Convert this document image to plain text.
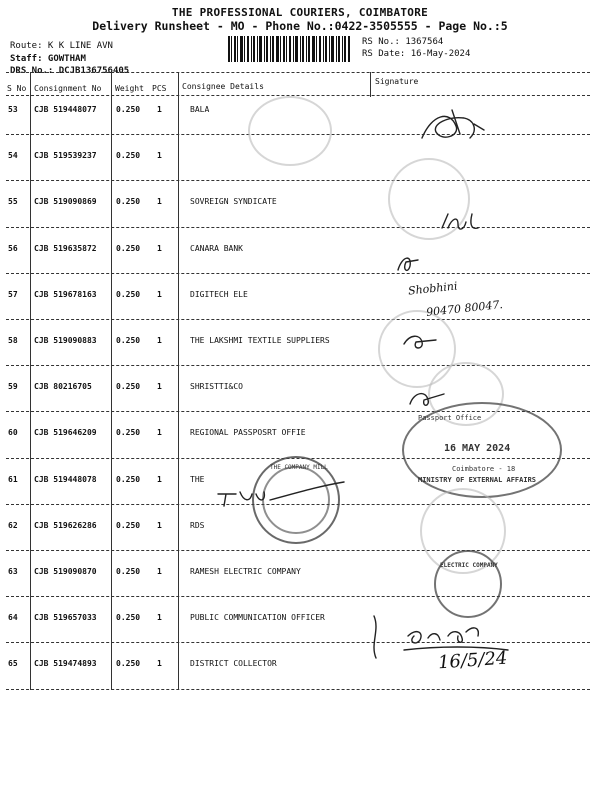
THE PROFESSIONAL COURIERS, COIMBATORE
Delivery Runsheet - MO - Phone No.:0422-3505555 - Page No.:5
Route: K K LINE AVN
Staff: GOWTHAM
DRS No.: DCJB136756405
RS No.: 1367564
RS Date: 16-May-2024
S No Consignment No Weight PCS Consignee Details
Signature
53 CJB 519448077 0.250 1	BALA
54 CJB 519539237 0.250 1
55 CJB 519090869 0.250 1	SOVREIGN SYNDICATE
56 CJB 519635872 0.250 1	CANARA BANK
57 CJB 519678163 0.250 1	DIGITECH ELE
58 CJB 519090883 0.250 1	THE LAKSHMI TEXTILE SUPPLIERS
59 CJB 80216705	0.250 1	SHRISTTI&CO
60 CJB 519646209 0.250 1	REGIONAL PASSPOSRT OFFIE
61 CJB 519448078 0.250 1	THE
62 CJB 519626286 0.250 1	RDS
63 CJB 519090870 0.250 1	RAMESH ELECTRIC COMPANY
64 CJB 519657033 0.250 1	PUBLIC COMMUNICATION OFFICER
65 CJB 519474893 0.250 1	DISTRICT COLLECTOR
Passport Office
16 MAY 2024
Coimbatore - 18
MINISTRY OF EXTERNAL AFFAIRS
THE COMPANY MILL
ELECTRIC COMPANY
Shobhini
90470 80047.
16/5/24
